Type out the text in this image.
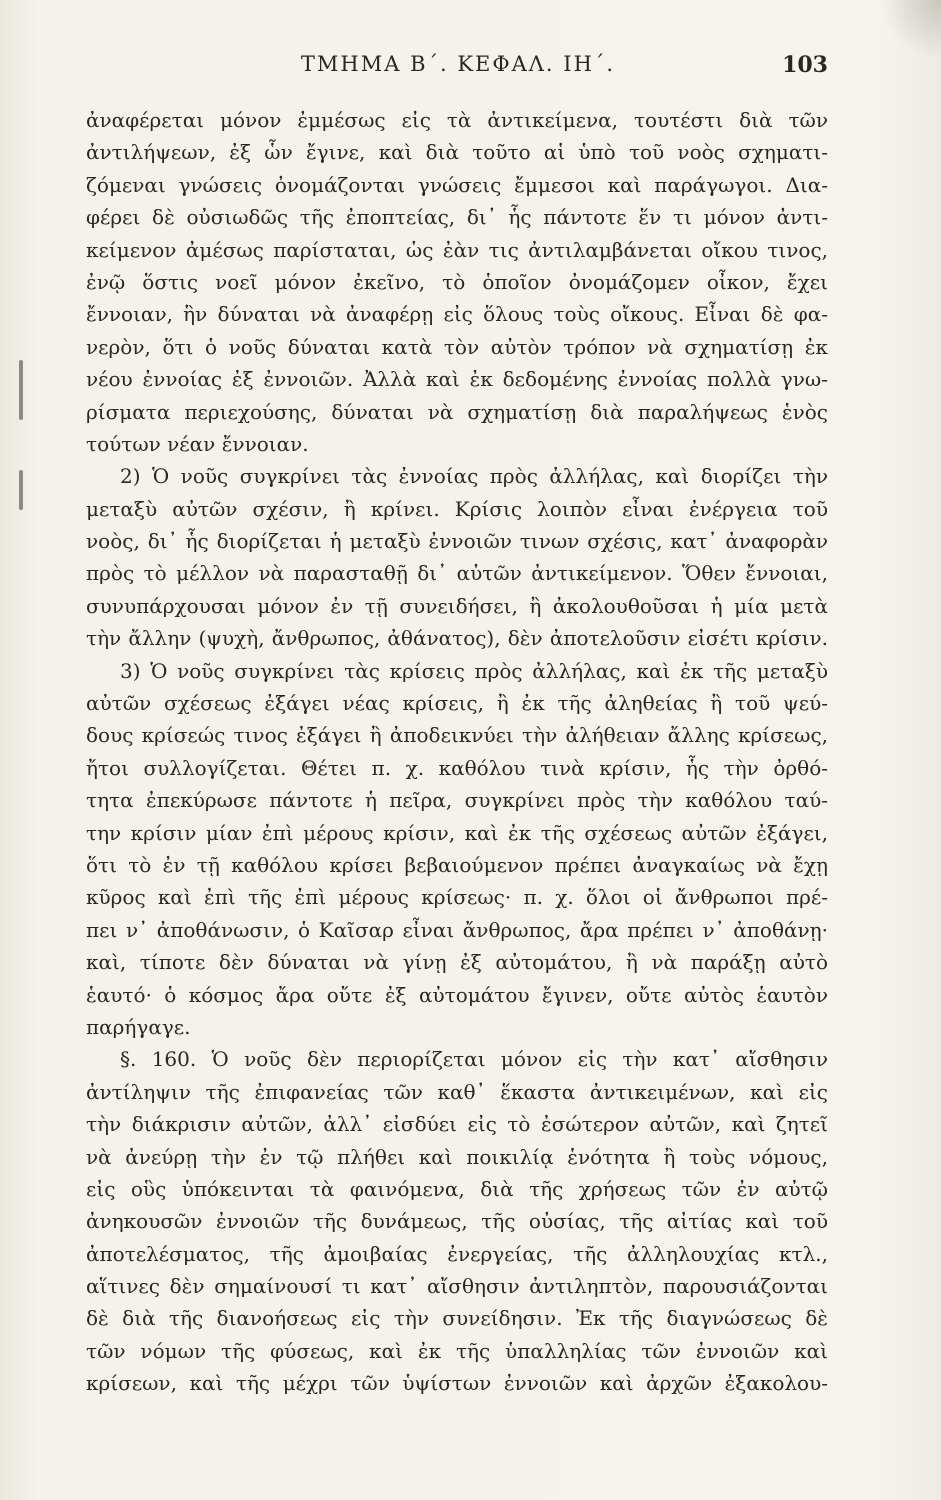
ΤΜΗΜΑ Β΄. ΚΕΦΑΛ. ΙΗ΄.	103
ἀναφέρεται μόνον ἐμμέσως εἰς τὰ ἀντικείμενα, τουτέστι διὰ τῶν
ἀντιλήψεων, ἐξ ὧν ἔγινε, καὶ διὰ τοῦτο αἱ ὑπὸ τοῦ νοὸς σχηματι-
ζόμεναι γνώσεις ὀνομάζονται γνώσεις ἔμμεσοι καὶ παράγωγοι. Δια-
φέρει δὲ οὐσιωδῶς τῆς ἐποπτείας, δι᾽ ἧς πάντοτε ἕν τι μόνον ἀντι-
κείμενον ἀμέσως παρίσταται, ὡς ἐὰν τις ἀντιλαμβάνεται οἴκου τινος,
ἐνῷ ὅστις νοεῖ μόνον ἐκεῖνο, τὸ ὁποῖον ὀνομάζομεν οἶκον, ἔχει
ἔννοιαν, ἣν δύναται νὰ ἀναφέρῃ εἰς ὅλους τοὺς οἴκους. Εἶναι δὲ φα-
νερὸν, ὅτι ὁ νοῦς δύναται κατὰ τὸν αὐτὸν τρόπον νὰ σχηματίσῃ ἐκ
νέου ἐννοίας ἐξ ἐννοιῶν. Ἀλλὰ καὶ ἐκ δεδομένης ἐννοίας πολλὰ γνω-
ρίσματα περιεχούσης, δύναται νὰ σχηματίσῃ διὰ παραλήψεως ἑνὸς
τούτων νέαν ἔννοιαν.
2) Ὁ νοῦς συγκρίνει τὰς ἐννοίας πρὸς ἀλλήλας, καὶ διορίζει τὴν
μεταξὺ αὐτῶν σχέσιν, ἢ κρίνει. Κρίσις λοιπὸν εἶναι ἐνέργεια τοῦ
νοὸς, δι᾽ ἧς διορίζεται ἡ μεταξὺ ἐννοιῶν τινων σχέσις, κατ᾽ ἀναφορὰν
πρὸς τὸ μέλλον νὰ παρασταθῇ δι᾽ αὐτῶν ἀντικείμενον. Ὅθεν ἔννοιαι,
συνυπάρχουσαι μόνον ἐν τῇ συνειδήσει, ἢ ἀκολουθοῦσαι ἡ μία μετὰ
τὴν ἄλλην (ψυχὴ, ἄνθρωπος, ἀθάνατος), δὲν ἀποτελοῦσιν εἰσέτι κρίσιν.
3) Ὁ νοῦς συγκρίνει τὰς κρίσεις πρὸς ἀλλήλας, καὶ ἐκ τῆς μεταξὺ
αὐτῶν σχέσεως ἐξάγει νέας κρίσεις, ἢ ἐκ τῆς ἀληθείας ἢ τοῦ ψεύ-
δους κρίσεώς τινος ἐξάγει ἢ ἀποδεικνύει τὴν ἀλήθειαν ἄλλης κρίσεως,
ἤτοι συλλογίζεται. Θέτει π. χ. καθόλου τινὰ κρίσιν, ἧς τὴν ὀρθό-
τητα ἐπεκύρωσε πάντοτε ἡ πεῖρα, συγκρίνει πρὸς τὴν καθόλου ταύ-
την κρίσιν μίαν ἐπὶ μέρους κρίσιν, καὶ ἐκ τῆς σχέσεως αὐτῶν ἐξάγει,
ὅτι τὸ ἐν τῇ καθόλου κρίσει βεβαιούμενον πρέπει ἀναγκαίως νὰ ἔχῃ
κῦρος καὶ ἐπὶ τῆς ἐπὶ μέρους κρίσεως· π. χ. ὅλοι οἱ ἄνθρωποι πρέ-
πει ν᾽ ἀποθάνωσιν, ὁ Καῖσαρ εἶναι ἄνθρωπος, ἄρα πρέπει ν᾽ ἀποθάνῃ·
καὶ, τίποτε δὲν δύναται νὰ γίνῃ ἐξ αὐτομάτου, ἢ νὰ παράξῃ αὐτὸ
ἑαυτό· ὁ κόσμος ἄρα οὔτε ἐξ αὐτομάτου ἔγινεν, οὔτε αὐτὸς ἑαυτὸν
παρήγαγε.
§. 160. Ὁ νοῦς δὲν περιορίζεται μόνον εἰς τὴν κατ᾽ αἴσθησιν
ἀντίληψιν τῆς ἐπιφανείας τῶν καθ᾽ ἕκαστα ἀντικειμένων, καὶ εἰς
τὴν διάκρισιν αὐτῶν, ἀλλ᾽ εἰσδύει εἰς τὸ ἐσώτερον αὐτῶν, καὶ ζητεῖ
νὰ ἀνεύρῃ τὴν ἐν τῷ πλήθει καὶ ποικιλίᾳ ἑνότητα ἢ τοὺς νόμους,
εἰς οὓς ὑπόκεινται τὰ φαινόμενα, διὰ τῆς χρήσεως τῶν ἐν αὐτῷ
ἀνηκουσῶν ἐννοιῶν τῆς δυνάμεως, τῆς οὐσίας, τῆς αἰτίας καὶ τοῦ
ἀποτελέσματος, τῆς ἀμοιβαίας ἐνεργείας, τῆς ἀλληλουχίας κτλ.,
αἵτινες δὲν σημαίνουσί τι κατ᾽ αἴσθησιν ἀντιληπτὸν, παρουσιάζονται
δὲ διὰ τῆς διανοήσεως εἰς τὴν συνείδησιν. Ἐκ τῆς διαγνώσεως δὲ
τῶν νόμων τῆς φύσεως, καὶ ἐκ τῆς ὑπαλληλίας τῶν ἐννοιῶν καὶ
κρίσεων, καὶ τῆς μέχρι τῶν ὑψίστων ἐννοιῶν καὶ ἀρχῶν ἐξακολου-
